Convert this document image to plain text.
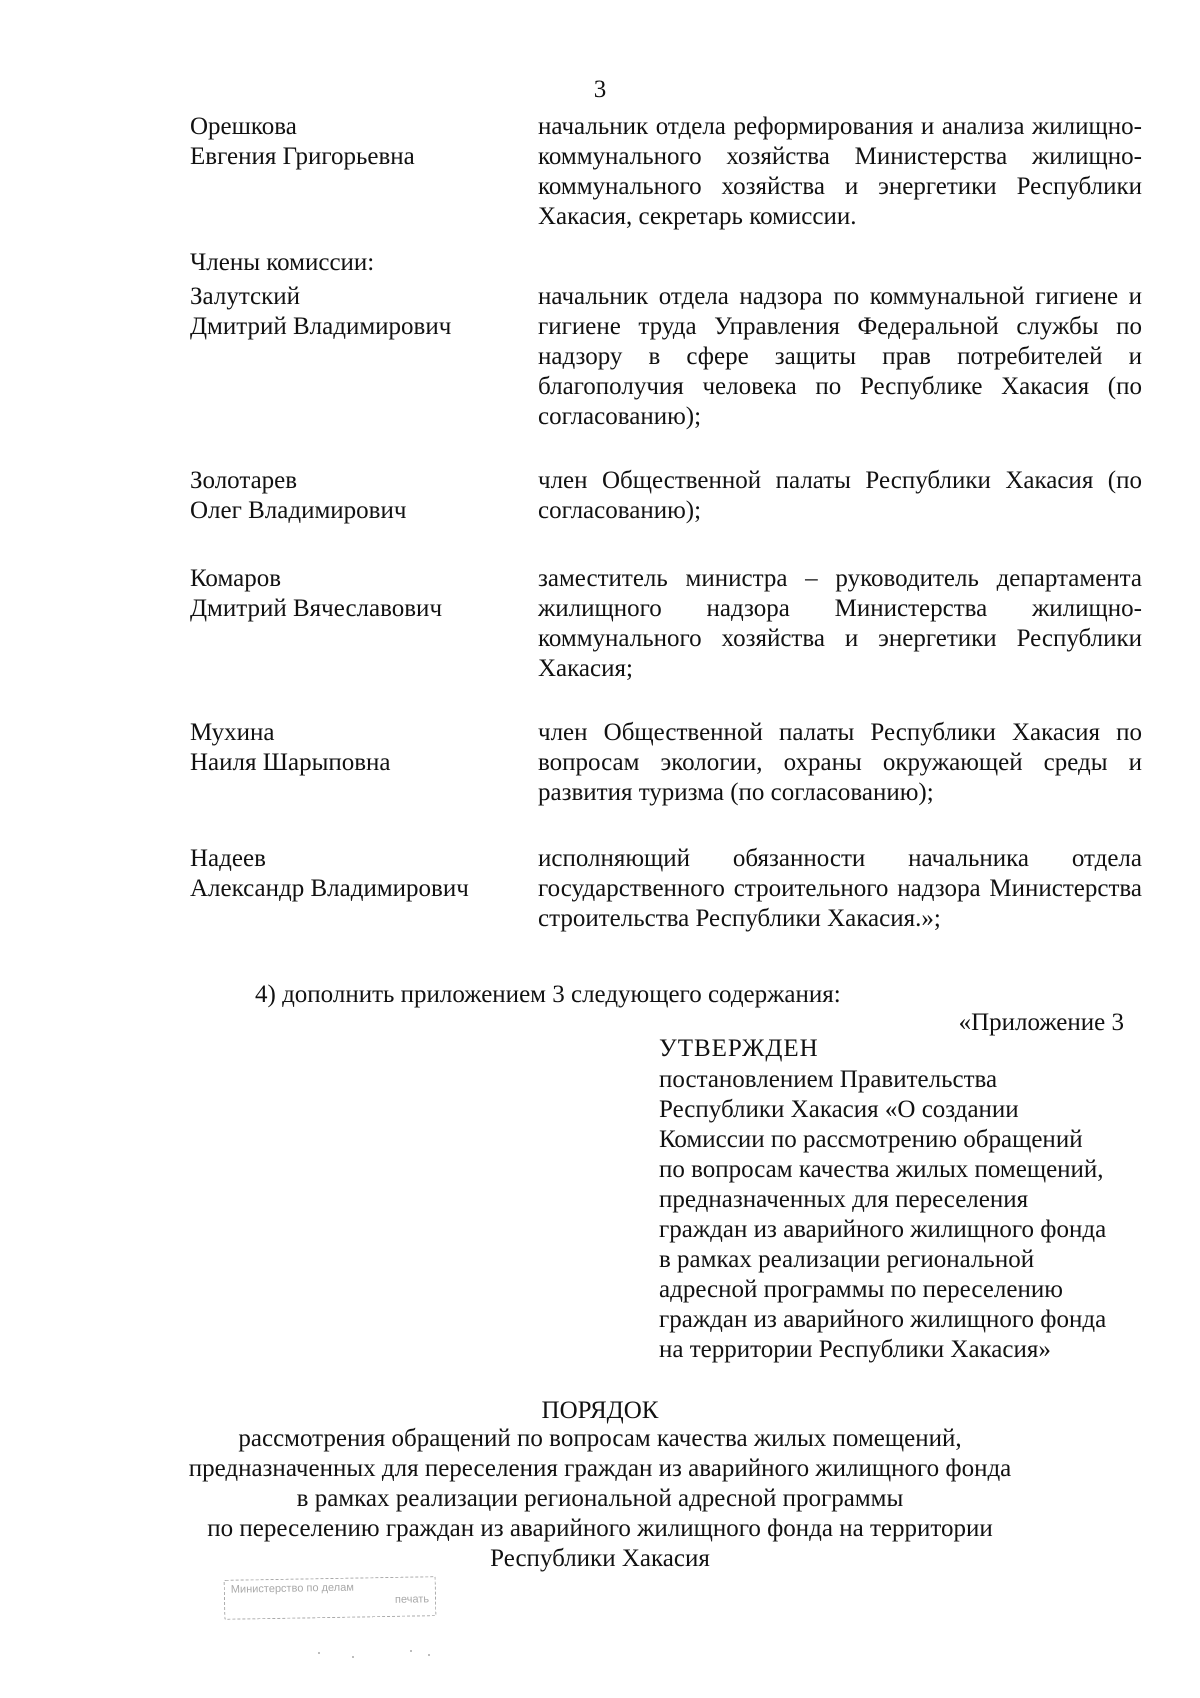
3
Орешкова
Евгения Григорьевна
начальник отдела реформирования и анализа жилищно-коммунального хозяйства Министерства жилищно-коммунального хозяйства и энергетики Республики Хакасия, секретарь комиссии.
Члены комиссии:
Залутский
Дмитрий Владимирович
начальник отдела надзора по коммунальной гигиене и гигиене труда Управления Федеральной службы по надзору в сфере защиты прав потребителей и благополучия человека по Республике Хакасия (по согласованию);
Золотарев
Олег Владимирович
член Общественной палаты Республики Хакасия (по согласованию);
Комаров
Дмитрий Вячеславович
заместитель министра – руководитель департамента жилищного надзора Министерства жилищно-коммунального хозяйства и энергетики Республики Хакасия;
Мухина
Наиля Шарыповна
член Общественной палаты Республики Хакасия по вопросам экологии, охраны окружающей среды и развития туризма (по согласованию);
Надеев
Александр Владимирович
исполняющий обязанности начальника отдела государственного строительного надзора Министерства строительства Республики Хакасия.»;
4) дополнить приложением 3 следующего содержания:
«Приложение 3
УТВЕРЖДЕН
постановлением Правительства
Республики Хакасия «О создании
Комиссии по рассмотрению обращений
по вопросам качества жилых помещений,
предназначенных для переселения
граждан из аварийного жилищного фонда
в рамках реализации региональной
адресной программы по переселению
граждан из аварийного жилищного фонда
на территории Республики Хакасия»
ПОРЯДОК
рассмотрения обращений по вопросам качества жилых помещений,
предназначенных для переселения граждан из аварийного жилищного фонда
в рамках реализации региональной адресной программы
по переселению граждан из аварийного жилищного фонда на территории
Республики Хакасия
Министерство по делам
печать
